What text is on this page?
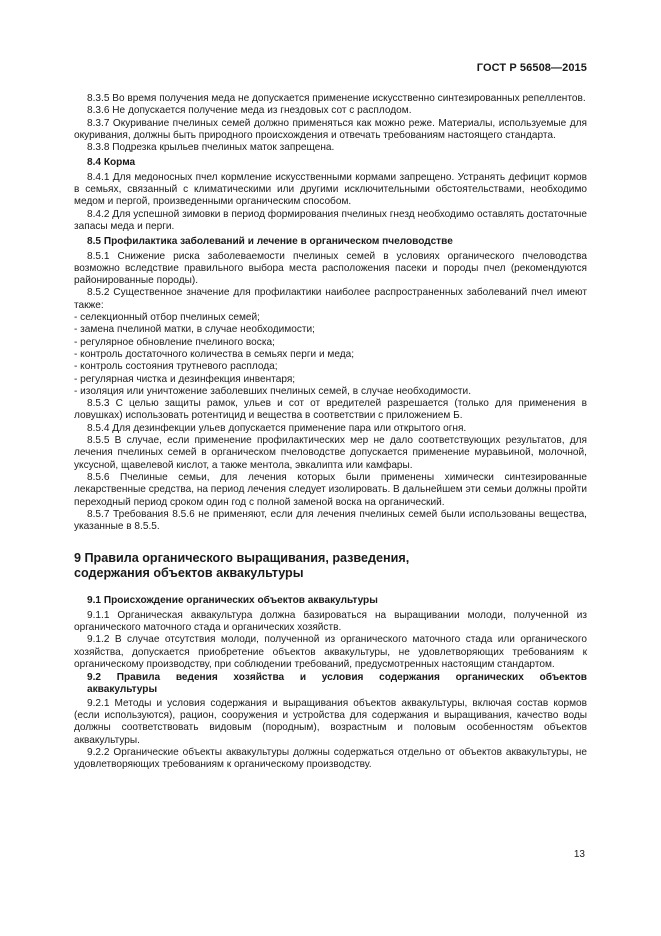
ГОСТ Р 56508—2015

8.3.5 Во время получения меда не допускается применение искусственно синтезированных репеллентов.

8.3.6 Не допускается получение меда из гнездовых сот с расплодом.

8.3.7 Окуривание пчелиных семей должно применяться как можно реже. Материалы, используемые для окуривания, должны быть природного происхождения и отвечать требованиям настоящего стандарта.

8.3.8 Подрезка крыльев пчелиных маток запрещена.

8.4 Корма

8.4.1 Для медоносных пчел кормление искусственными кормами запрещено. Устранять дефицит кормов в семьях, связанный с климатическими или другими исключительными обстоятельствами, необходимо медом и пергой, произведенными органическим способом.

8.4.2 Для успешной зимовки в период формирования пчелиных гнезд необходимо оставлять достаточные запасы меда и перги.

8.5 Профилактика заболеваний и лечение в органическом пчеловодстве

8.5.1 Снижение риска заболеваемости пчелиных семей в условиях органического пчеловодства возможно вследствие правильного выбора места расположения пасеки и породы пчел (рекомендуются районированные породы).

8.5.2 Существенное значение для профилактики наиболее распространенных заболеваний пчел имеют также:

- селекционный отбор пчелиных семей;

- замена пчелиной матки, в случае необходимости;

- регулярное обновление пчелиного воска;

- контроль достаточного количества в семьях перги и меда;

- контроль состояния трутневого расплода;

- регулярная чистка и дезинфекция инвентаря;

- изоляция или уничтожение заболевших пчелиных семей, в случае необходимости.

8.5.3 С целью защиты рамок, ульев и сот от вредителей разрешается (только для применения в ловушках) использовать ротентицид и вещества в соответствии с приложением Б.

8.5.4 Для дезинфекции ульев допускается применение пара или открытого огня.

8.5.5 В случае, если применение профилактических мер не дало соответствующих результатов, для лечения пчелиных семей в органическом пчеловодстве допускается применение муравьиной, молочной, уксусной, щавелевой кислот, а также ментола, эвкалипта или камфары.

8.5.6 Пчелиные семьи, для лечения которых были применены химически синтезированные лекарственные средства, на период лечения следует изолировать. В дальнейшем эти семьи должны пройти переходный период сроком один год с полной заменой воска на органический.

8.5.7 Требования 8.5.6 не применяют, если для лечения пчелиных семей были использованы вещества, указанные в 8.5.5.

9 Правила органического выращивания, разведения,
содержания объектов аквакультуры

9.1 Происхождение органических объектов аквакультуры

9.1.1 Органическая аквакультура должна базироваться на выращивании молоди, полученной из органического маточного стада и органических хозяйств.

9.1.2 В случае отсутствия молоди, полученной из органического маточного стада или органического хозяйства, допускается приобретение объектов аквакультуры, не удовлетворяющих требованиям к органическому производству, при соблюдении требований, предусмотренных настоящим стандартом.

9.2 Правила ведения хозяйства и условия содержания органических объектов
аквакультуры

9.2.1 Методы и условия содержания и выращивания объектов аквакультуры, включая состав кормов (если используются), рацион, сооружения и устройства для содержания и выращивания, качество воды должны соответствовать видовым (породным), возрастным и половым особенностям объектов аквакультуры.

9.2.2 Органические объекты аквакультуры должны содержаться отдельно от объектов аквакультуры, не удовлетворяющих требованиям к органическому производству.

13
